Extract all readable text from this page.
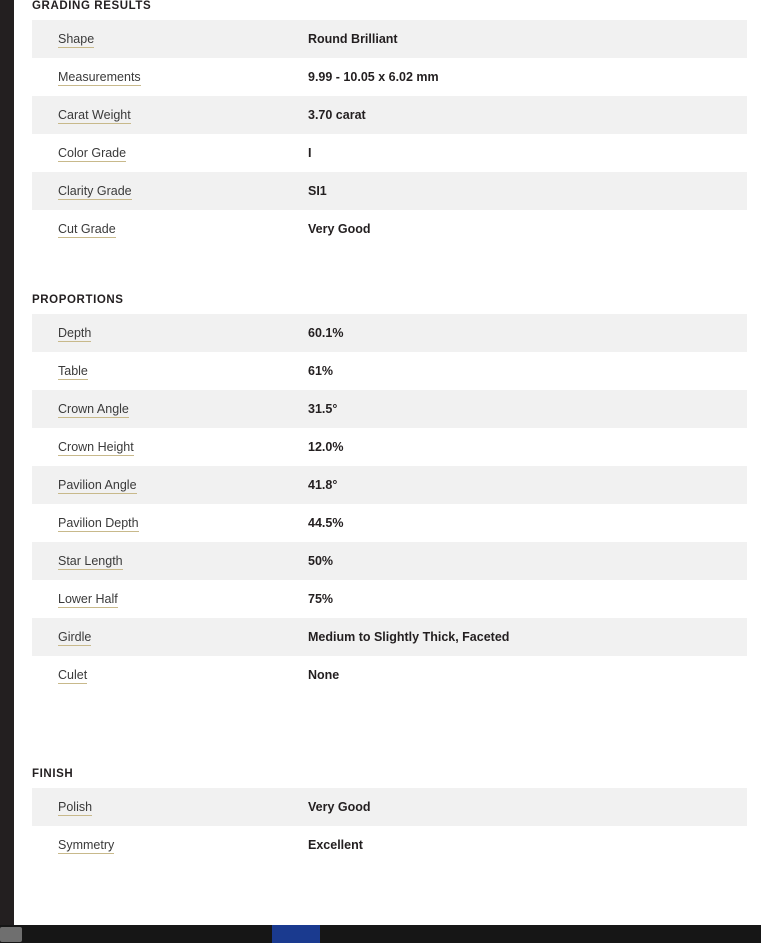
GRADING RESULTS
Shape	Round Brilliant
Measurements	9.99 - 10.05 x 6.02 mm
Carat Weight	3.70 carat
Color Grade	I
Clarity Grade	SI1
Cut Grade	Very Good
PROPORTIONS
Depth	60.1%
Table	61%
Crown Angle	31.5°
Crown Height	12.0%
Pavilion Angle	41.8°
Pavilion Depth	44.5%
Star Length	50%
Lower Half	75%
Girdle	Medium to Slightly Thick, Faceted
Culet	None
FINISH
Polish	Very Good
Symmetry	Excellent
